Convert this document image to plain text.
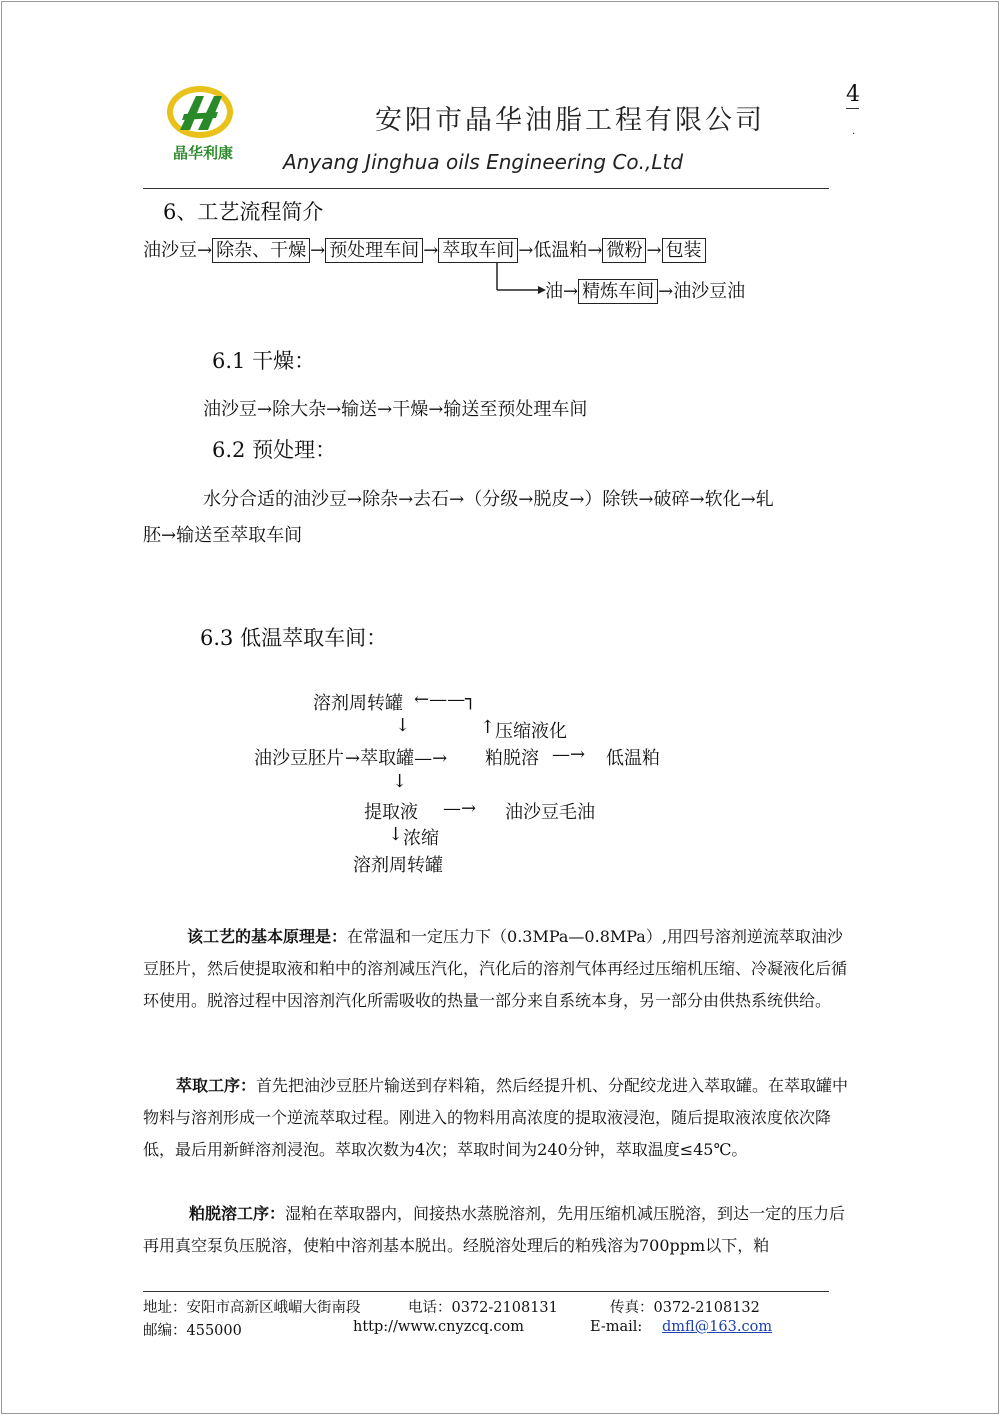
晶华利康
安阳市晶华油脂工程有限公司
Anyang Jinghua oils Engineering Co.,Ltd
4
.
6、工艺流程简介
油沙豆→ 除杂、干燥 → 预处理车间 → 萃取车间 →低温粕→ 微粉 → 包装
油→ 精炼车间 →油沙豆油
6.1 干燥：
油沙豆→除大杂→输送→干燥→输送至预处理车间
6.2 预处理：
水分合适的油沙豆→除杂→去石→（分级→脱皮→）除铁→破碎→软化→轧
胚→输送至萃取车间
6.3 低温萃取车间：
溶剂周转罐 ←——┐
↓	↑ 压缩液化
油沙豆胚片 →萃取罐—→ 粕脱溶 —→ 低温粕
↓
提取液 —→ 油沙豆毛油
↓ 浓缩
溶剂周转罐
该工艺的基本原理是：在常温和一定压力下（0.3MPa—0.8MPa）,用四号溶剂逆流萃取油沙豆胚片，然后使提取液和粕中的溶剂减压汽化，汽化后的溶剂气体再经过压缩机压缩、冷凝液化后循环使用。脱溶过程中因溶剂汽化所需吸收的热量一部分来自系统本身，另一部分由供热系统供给。
萃取工序：首先把油沙豆胚片输送到存料箱，然后经提升机、分配绞龙进入萃取罐。在萃取罐中物料与溶剂形成一个逆流萃取过程。刚进入的物料用高浓度的提取液浸泡，随后提取液浓度依次降低，最后用新鲜溶剂浸泡。萃取次数为4次；萃取时间为240分钟，萃取温度≤45℃。
粕脱溶工序：湿粕在萃取器内，间接热水蒸脱溶剂，先用压缩机减压脱溶，到达一定的压力后再用真空泵负压脱溶，使粕中溶剂基本脱出。经脱溶处理后的粕残溶为700ppm以下，粕
地址：安阳市高新区峨嵋大街南段	电话：0372-2108131	传真：0372-2108132
邮编：455000	http://www.cnyzcq.com	E-mail: dmfl@163.com
